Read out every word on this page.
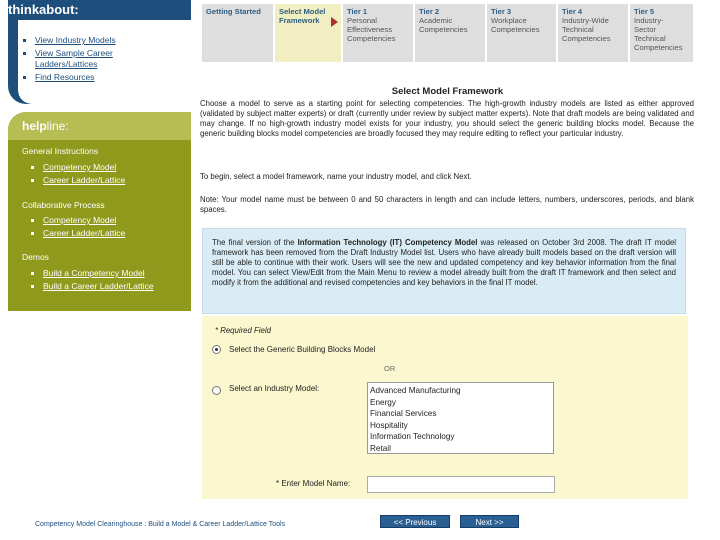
thinkabout:
View Industry Models
View Sample Career Ladders/Lattices
Find Resources
helpline:
General Instructions
Competency Model
Career Ladder/Lattice
Collaborative Process
Competency Model
Career Ladder/Lattice
Demos
Build a Competency Model
Build a Career Ladder/Lattice
Getting Started	Select Model
Framework
Tier 1
Personal
Effectiveness
Competencies
Tier 2
Academic
Competencies
Tier 3
Workplace
Competencies
Tier 4
Industry-Wide
Technical
Competencies
Tier 5
Industry-
Sector
Technical
Competencies
Select Model Framework
Choose a model to serve as a starting point for selecting competencies. The high-growth industry models are listed as either approved (validated by subject matter experts) or draft (currently under review by subject matter experts). Note that draft models are being validated and may change. If no high-growth industry model exists for your industry, you should select the generic building blocks model. Because the generic building blocks model competencies are broadly focused they may require editing to reflect your particular industry.
To begin, select a model framework, name your industry model, and click Next.
Note: Your model name must be between 0 and 50 characters in length and can include letters, numbers, underscores, periods, and blank spaces.
The final version of the Information Technology (IT) Competency Model was released on October 3rd 2008. The draft IT model framework has been removed from the Draft Industry Model list. Users who have already built models based on the draft version will still be able to continue with their work. Users will see the new and updated competency and key behavior information from the final model. You can select View/Edit from the Main Menu to review a model already built from the draft IT framework and then select and modify it from the additional and revised competencies and key behaviors in the final IT model.
* Required Field
Select the Generic Building Blocks Model
OR
Select an Industry Model:	Advanced Manufacturing
Energy
Financial Services
Hospitality
Information Technology
Retail
* Enter Model Name:
Competency Model Clearinghouse : Build a Model & Career Ladder/Lattice Tools	<< Previous	Next >>
